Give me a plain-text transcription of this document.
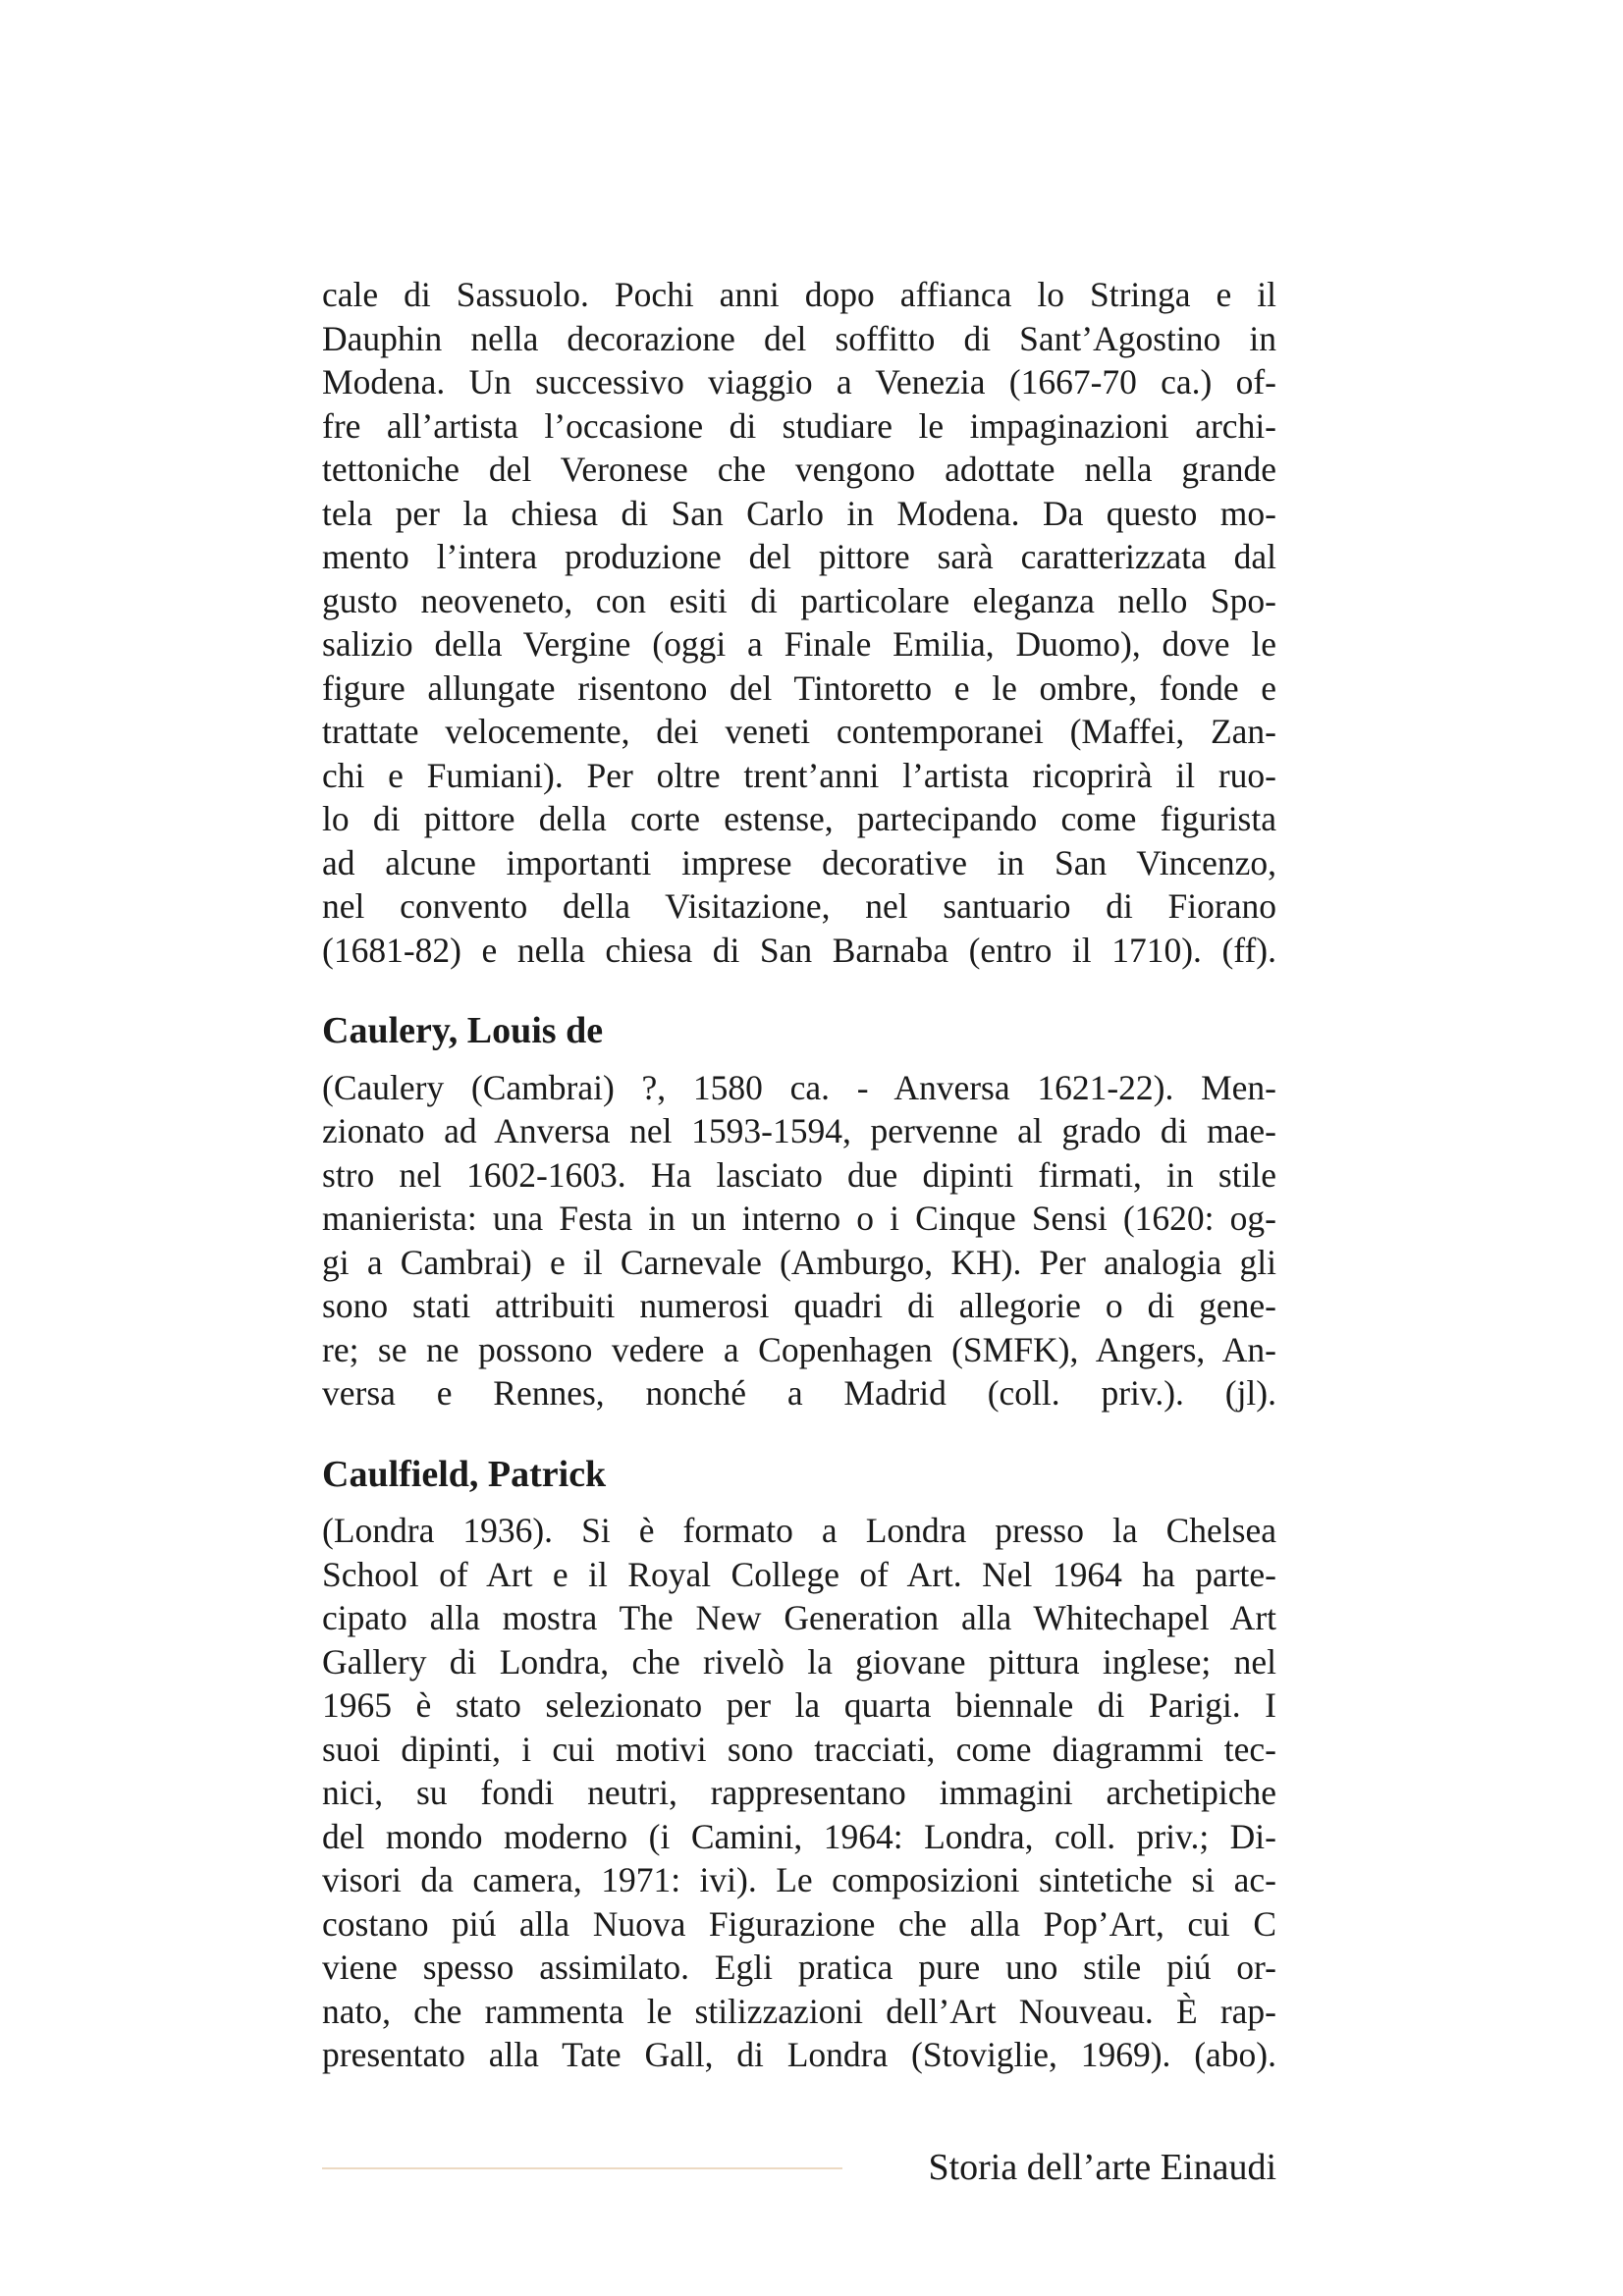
cale di Sassuolo. Pochi anni dopo affianca lo Stringa e il
Dauphin nella decorazione del soffitto di Sant’Agostino in
Modena. Un successivo viaggio a Venezia (1667-70 ca.) of-
fre all’artista l’occasione di studiare le impaginazioni archi-
tettoniche del Veronese che vengono adottate nella grande
tela per la chiesa di San Carlo in Modena. Da questo mo-
mento l’intera produzione del pittore sarà caratterizzata dal
gusto neoveneto, con esiti di particolare eleganza nello Spo-
salizio della Vergine (oggi a Finale Emilia, Duomo), dove le
figure allungate risentono del Tintoretto e le ombre, fonde e
trattate velocemente, dei veneti contemporanei (Maffei, Zan-
chi e Fumiani). Per oltre trent’anni l’artista ricoprirà il ruo-
lo di pittore della corte estense, partecipando come figurista
ad alcune importanti imprese decorative in San Vincenzo,
nel convento della Visitazione, nel santuario di Fiorano
(1681-82) e nella chiesa di San Barnaba (entro il 1710). (ff).
Caulery, Louis de
(Caulery (Cambrai) ?, 1580 ca. - Anversa 1621-22). Men-
zionato ad Anversa nel 1593-1594, pervenne al grado di mae-
stro nel 1602-1603. Ha lasciato due dipinti firmati, in stile
manierista: una Festa in un interno o i Cinque Sensi (1620: og-
gi a Cambrai) e il Carnevale (Amburgo, KH). Per analogia gli
sono stati attribuiti numerosi quadri di allegorie o di gene-
re; se ne possono vedere a Copenhagen (SMFK), Angers, An-
versa e Rennes, nonché a Madrid (coll. priv.). (jl).
Caulfield, Patrick
(Londra 1936). Si è formato a Londra presso la Chelsea
School of Art e il Royal College of Art. Nel 1964 ha parte-
cipato alla mostra The New Generation alla Whitechapel Art
Gallery di Londra, che rivelò la giovane pittura inglese; nel
1965 è stato selezionato per la quarta biennale di Parigi. I
suoi dipinti, i cui motivi sono tracciati, come diagrammi tec-
nici, su fondi neutri, rappresentano immagini archetipiche
del mondo moderno (i Camini, 1964: Londra, coll. priv.; Di-
visori da camera, 1971: ivi). Le composizioni sintetiche si ac-
costano piú alla Nuova Figurazione che alla Pop’Art, cui C
viene spesso assimilato. Egli pratica pure uno stile piú or-
nato, che rammenta le stilizzazioni dell’Art Nouveau. È rap-
presentato alla Tate Gall, di Londra (Stoviglie, 1969). (abo).
Storia dell’arte Einaudi
